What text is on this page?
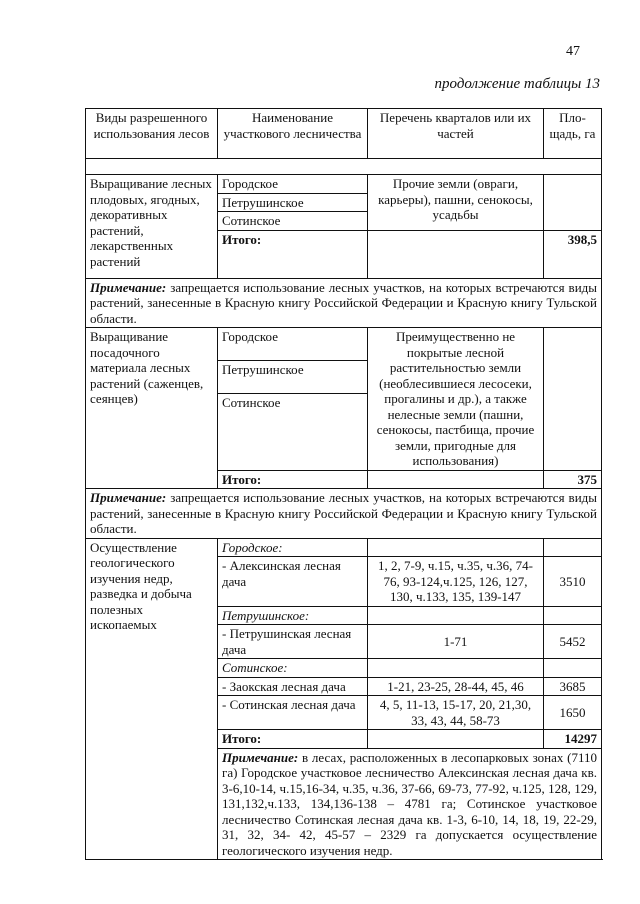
47
продолжение таблицы 13
Виды разрешенного использования лесов	Наименование участкового лесничества	Перечень кварталов или их частей	Пло-щадь, га

Выращивание лесных плодовых, ягодных, декоративных растений, лекарственных растений	Городское	Прочие земли (овраги, карьеры), пашни, сенокосы, усадьбы	
	Петрушинское		
	Сотинское		
	Итого:		398,5
Примечание: запрещается использование лесных участков, на которых встречаются виды растений, занесенные в Красную книгу Российской Федерации и Красную книгу Тульской области.			
Выращивание посадочного материала лесных растений (саженцев, сеянцев)	Городское	Преимущественно не покрытые лесной растительностью земли (необлесившиеся лесосеки, прогалины и др.), а также нелесные земли (пашни, сенокосы, пастбища, прочие земли, пригодные для использования)	
	Петрушинское		
	Сотинское		
	Итого:		375
Примечание: запрещается использование лесных участков, на которых встречаются виды растений, занесенные в Красную книгу Российской Федерации и Красную книгу Тульской области.			
Осуществление геологического изучения недр, разведка и добыча полезных ископаемых	Городское:		
	- Алексинская лесная дача	1, 2, 7-9, ч.15, ч.35, ч.36, 74-76, 93-124,ч.125, 126, 127, 130, ч.133, 135, 139-147	3510
	Петрушинское:		
	- Петрушинская лесная дача	1-71	5452
	Сотинское:		
	- Заокская лесная дача	1-21, 23-25, 28-44, 45, 46	3685
	- Сотинская лесная дача	4, 5, 11-13, 15-17, 20, 21,30, 33, 43, 44, 58-73	1650
	Итого:		14297
	Примечание: в лесах, расположенных в лесопарковых зонах (7110 га) Городское участковое лесничество Алексинская лесная дача кв. 3-6,10-14, ч.15,16-34, ч.35, ч.36, 37-66, 69-73, 77-92, ч.125, 128, 129, 131,132,ч.133, 134,136-138 – 4781 га; Сотинское участковое лесничество Сотинская лесная дача кв. 1-3, 6-10, 14, 18, 19, 22-29, 31, 32, 34- 42, 45-57 – 2329 га допускается осуществление геологического изучения недр.		
